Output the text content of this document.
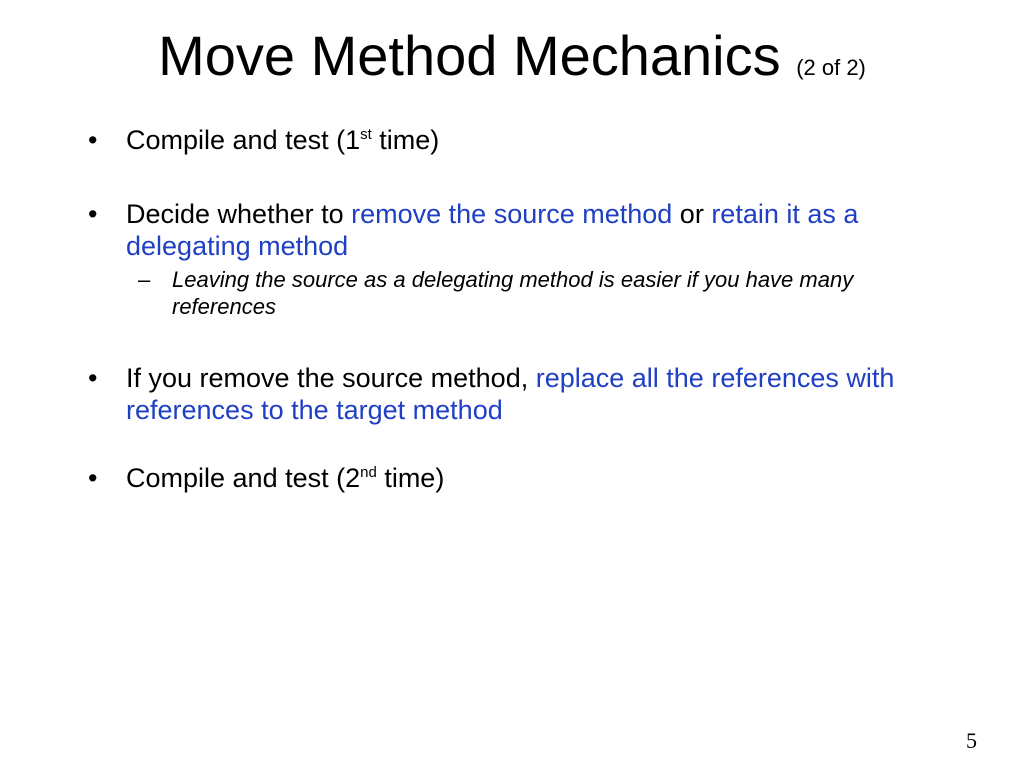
Move Method Mechanics (2 of 2)
•	Compile and test (1st time)
•	Decide whether to remove the source method or retain it as a delegating method
– Leaving the source as a delegating method is easier if you have many references
•	If you remove the source method, replace all the references with references to the target method
•	Compile and test (2nd time)
5
